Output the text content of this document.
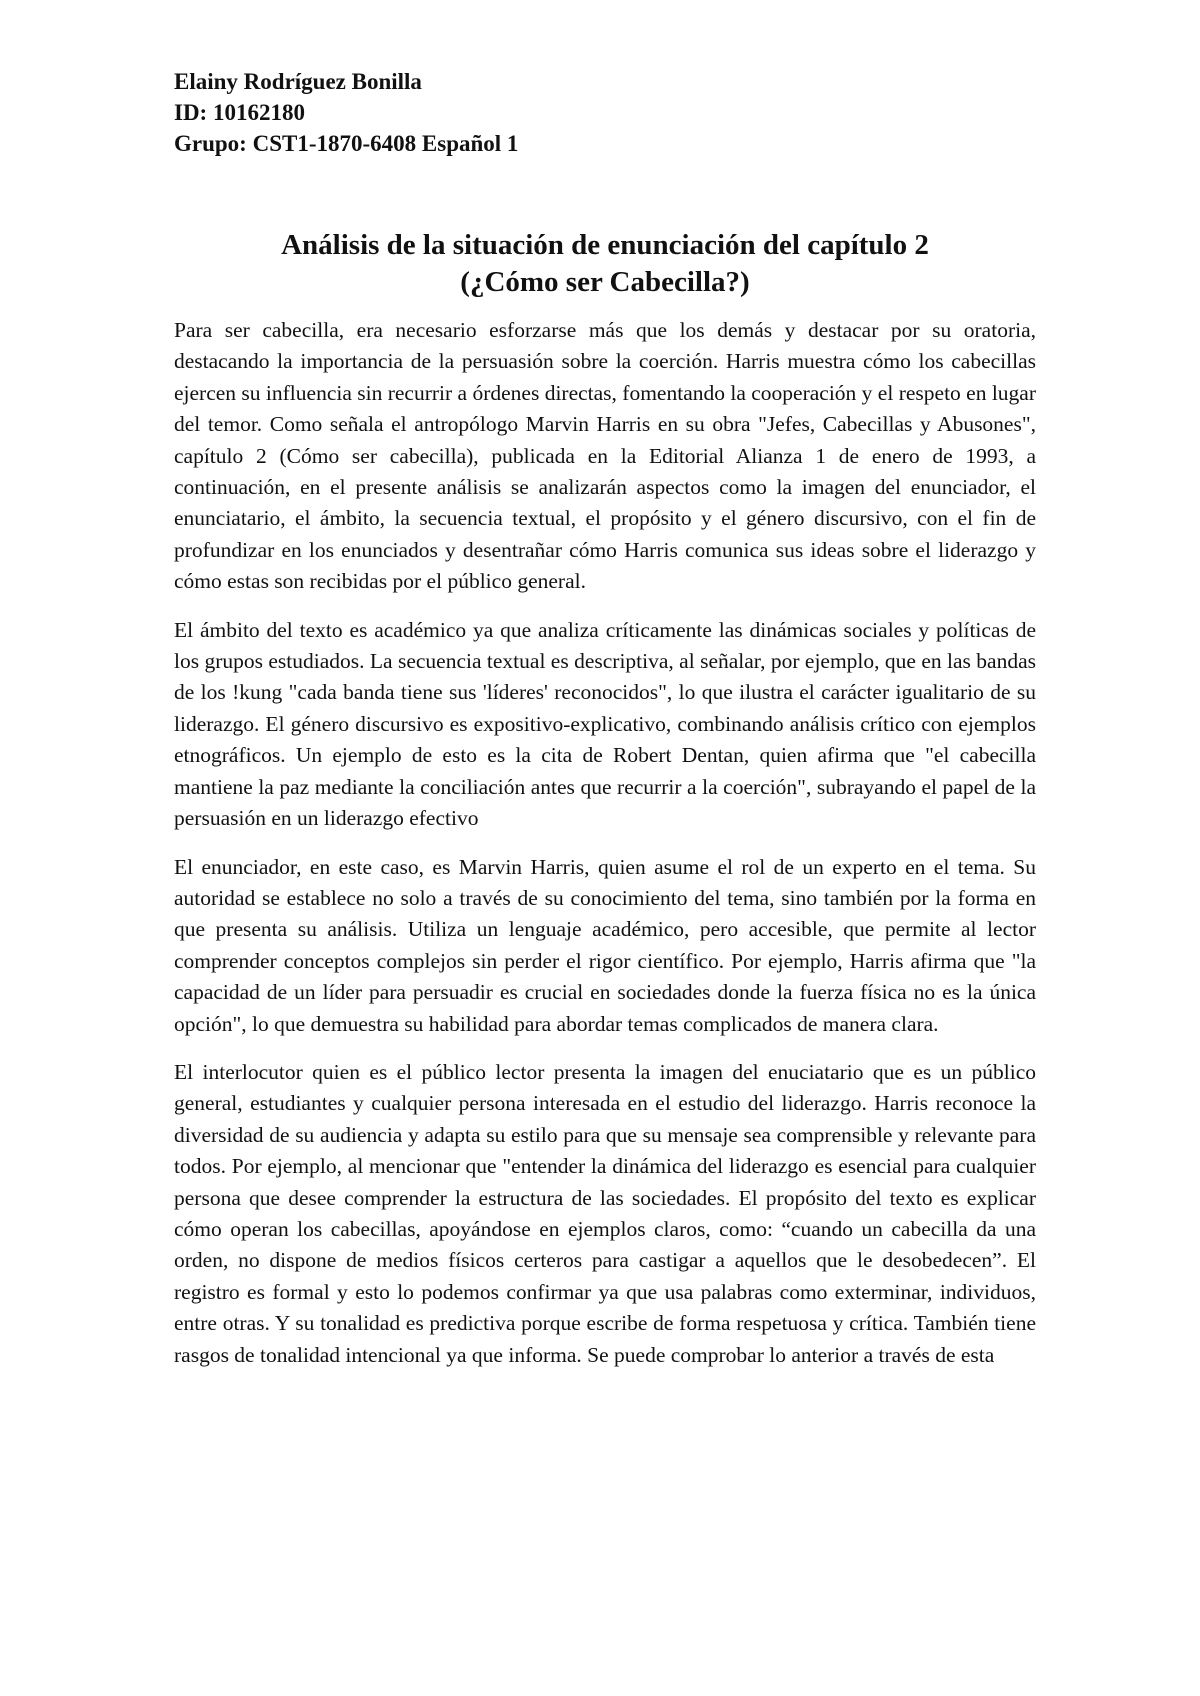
Elainy Rodríguez Bonilla
ID: 10162180
Grupo: CST1-1870-6408 Español 1
Análisis de la situación de enunciación del capítulo 2
(¿Cómo ser Cabecilla?)

Para ser cabecilla, era necesario esforzarse más que los demás y destacar por su oratoria, destacando la importancia de la persuasión sobre la coerción. Harris muestra cómo los cabecillas ejercen su influencia sin recurrir a órdenes directas, fomentando la cooperación y el respeto en lugar del temor. Como señala el antropólogo Marvin Harris en su obra "Jefes, Cabecillas y Abusones", capítulo 2 (Cómo ser cabecilla), publicada en la Editorial Alianza 1 de enero de 1993, a continuación, en el presente análisis se analizarán aspectos como la imagen del enunciador, el enunciatario, el ámbito, la secuencia textual, el propósito y el género discursivo, con el fin de profundizar en los enunciados y desentrañar cómo Harris comunica sus ideas sobre el liderazgo y cómo estas son recibidas por el público general.

El ámbito del texto es académico ya que analiza críticamente las dinámicas sociales y políticas de los grupos estudiados. La secuencia textual es descriptiva, al señalar, por ejemplo, que en las bandas de los !kung "cada banda tiene sus 'líderes' reconocidos", lo que ilustra el carácter igualitario de su liderazgo. El género discursivo es expositivo-explicativo, combinando análisis crítico con ejemplos etnográficos. Un ejemplo de esto es la cita de Robert Dentan, quien afirma que "el cabecilla mantiene la paz mediante la conciliación antes que recurrir a la coerción", subrayando el papel de la persuasión en un liderazgo efectivo

El enunciador, en este caso, es Marvin Harris, quien asume el rol de un experto en el tema. Su autoridad se establece no solo a través de su conocimiento del tema, sino también por la forma en que presenta su análisis. Utiliza un lenguaje académico, pero accesible, que permite al lector comprender conceptos complejos sin perder el rigor científico. Por ejemplo, Harris afirma que "la capacidad de un líder para persuadir es crucial en sociedades donde la fuerza física no es la única opción", lo que demuestra su habilidad para abordar temas complicados de manera clara.

El interlocutor quien es el público lector presenta la imagen del enuciatario que es un público general, estudiantes y cualquier persona interesada en el estudio del liderazgo. Harris reconoce la diversidad de su audiencia y adapta su estilo para que su mensaje sea comprensible y relevante para todos. Por ejemplo, al mencionar que "entender la dinámica del liderazgo es esencial para cualquier persona que desee comprender la estructura de las sociedades. El propósito del texto es explicar cómo operan los cabecillas, apoyándose en ejemplos claros, como: “cuando un cabecilla da una orden, no dispone de medios físicos certeros para castigar a aquellos que le desobedecen”. El registro es formal y esto lo podemos confirmar ya que usa palabras como exterminar, individuos, entre otras. Y su tonalidad es predictiva porque escribe de forma respetuosa y crítica. También tiene rasgos de tonalidad intencional ya que informa. Se puede comprobar lo anterior a través de esta
